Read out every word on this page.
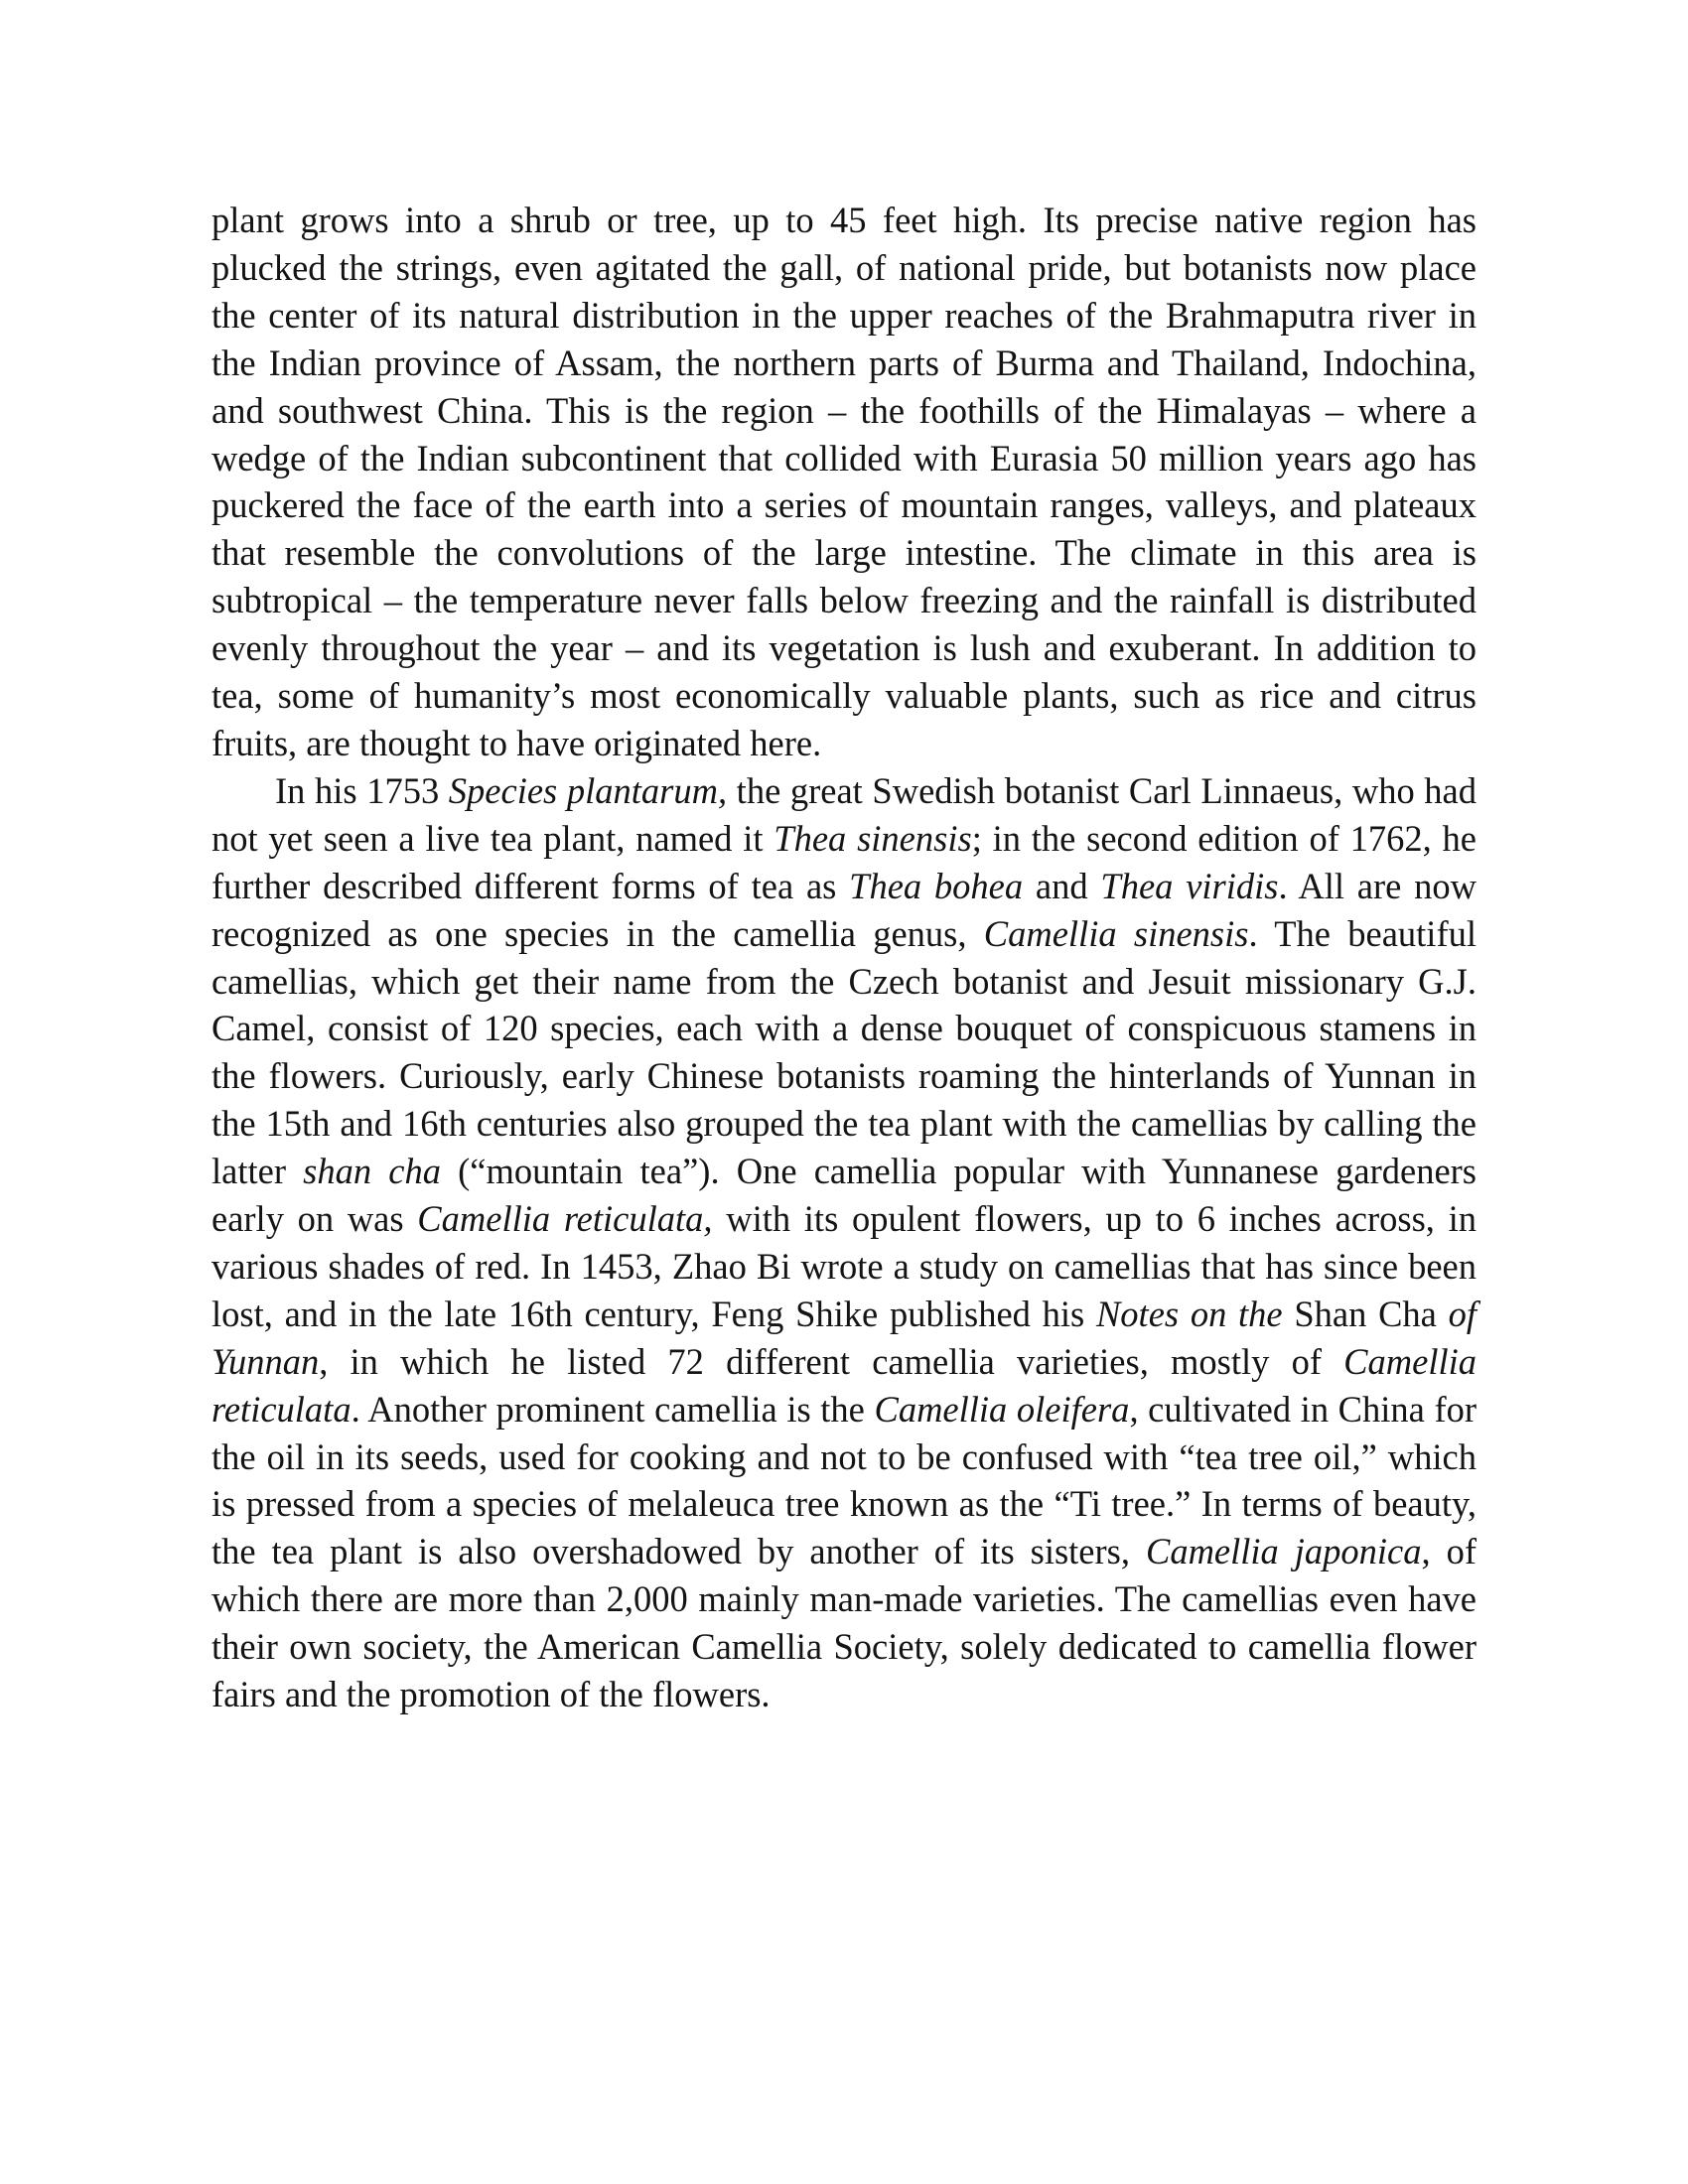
plant grows into a shrub or tree, up to 45 feet high. Its precise native region has plucked the strings, even agitated the gall, of national pride, but botanists now place the center of its natural distribution in the upper reaches of the Brahmaputra river in the Indian province of Assam, the northern parts of Burma and Thailand, Indochina, and southwest China. This is the region – the foothills of the Himalayas – where a wedge of the Indian subcontinent that collided with Eurasia 50 million years ago has puckered the face of the earth into a series of mountain ranges, valleys, and plateaux that resemble the convolutions of the large intestine. The climate in this area is subtropical – the temperature never falls below freezing and the rainfall is distributed evenly throughout the year – and its vegetation is lush and exuberant. In addition to tea, some of humanity’s most economically valuable plants, such as rice and citrus fruits, are thought to have originated here.

In his 1753 Species plantarum, the great Swedish botanist Carl Linnaeus, who had not yet seen a live tea plant, named it Thea sinensis; in the second edition of 1762, he further described different forms of tea as Thea bohea and Thea viridis. All are now recognized as one species in the camellia genus, Camellia sinensis. The beautiful camellias, which get their name from the Czech botanist and Jesuit missionary G.J. Camel, consist of 120 species, each with a dense bouquet of conspicuous stamens in the flowers. Curiously, early Chinese botanists roaming the hinterlands of Yunnan in the 15th and 16th centuries also grouped the tea plant with the camellias by calling the latter shan cha (“mountain tea”). One camellia popular with Yunnanese gardeners early on was Camellia reticulata, with its opulent flowers, up to 6 inches across, in various shades of red. In 1453, Zhao Bi wrote a study on camellias that has since been lost, and in the late 16th century, Feng Shike published his Notes on the Shan Cha of Yunnan, in which he listed 72 different camellia varieties, mostly of Camellia reticulata. Another prominent camellia is the Camellia oleifera, cultivated in China for the oil in its seeds, used for cooking and not to be confused with “tea tree oil,” which is pressed from a species of melaleuca tree known as the “Ti tree.” In terms of beauty, the tea plant is also overshadowed by another of its sisters, Camellia japonica, of which there are more than 2,000 mainly man-made varieties. The camellias even have their own society, the American Camellia Society, solely dedicated to camellia flower fairs and the promotion of the flowers.
